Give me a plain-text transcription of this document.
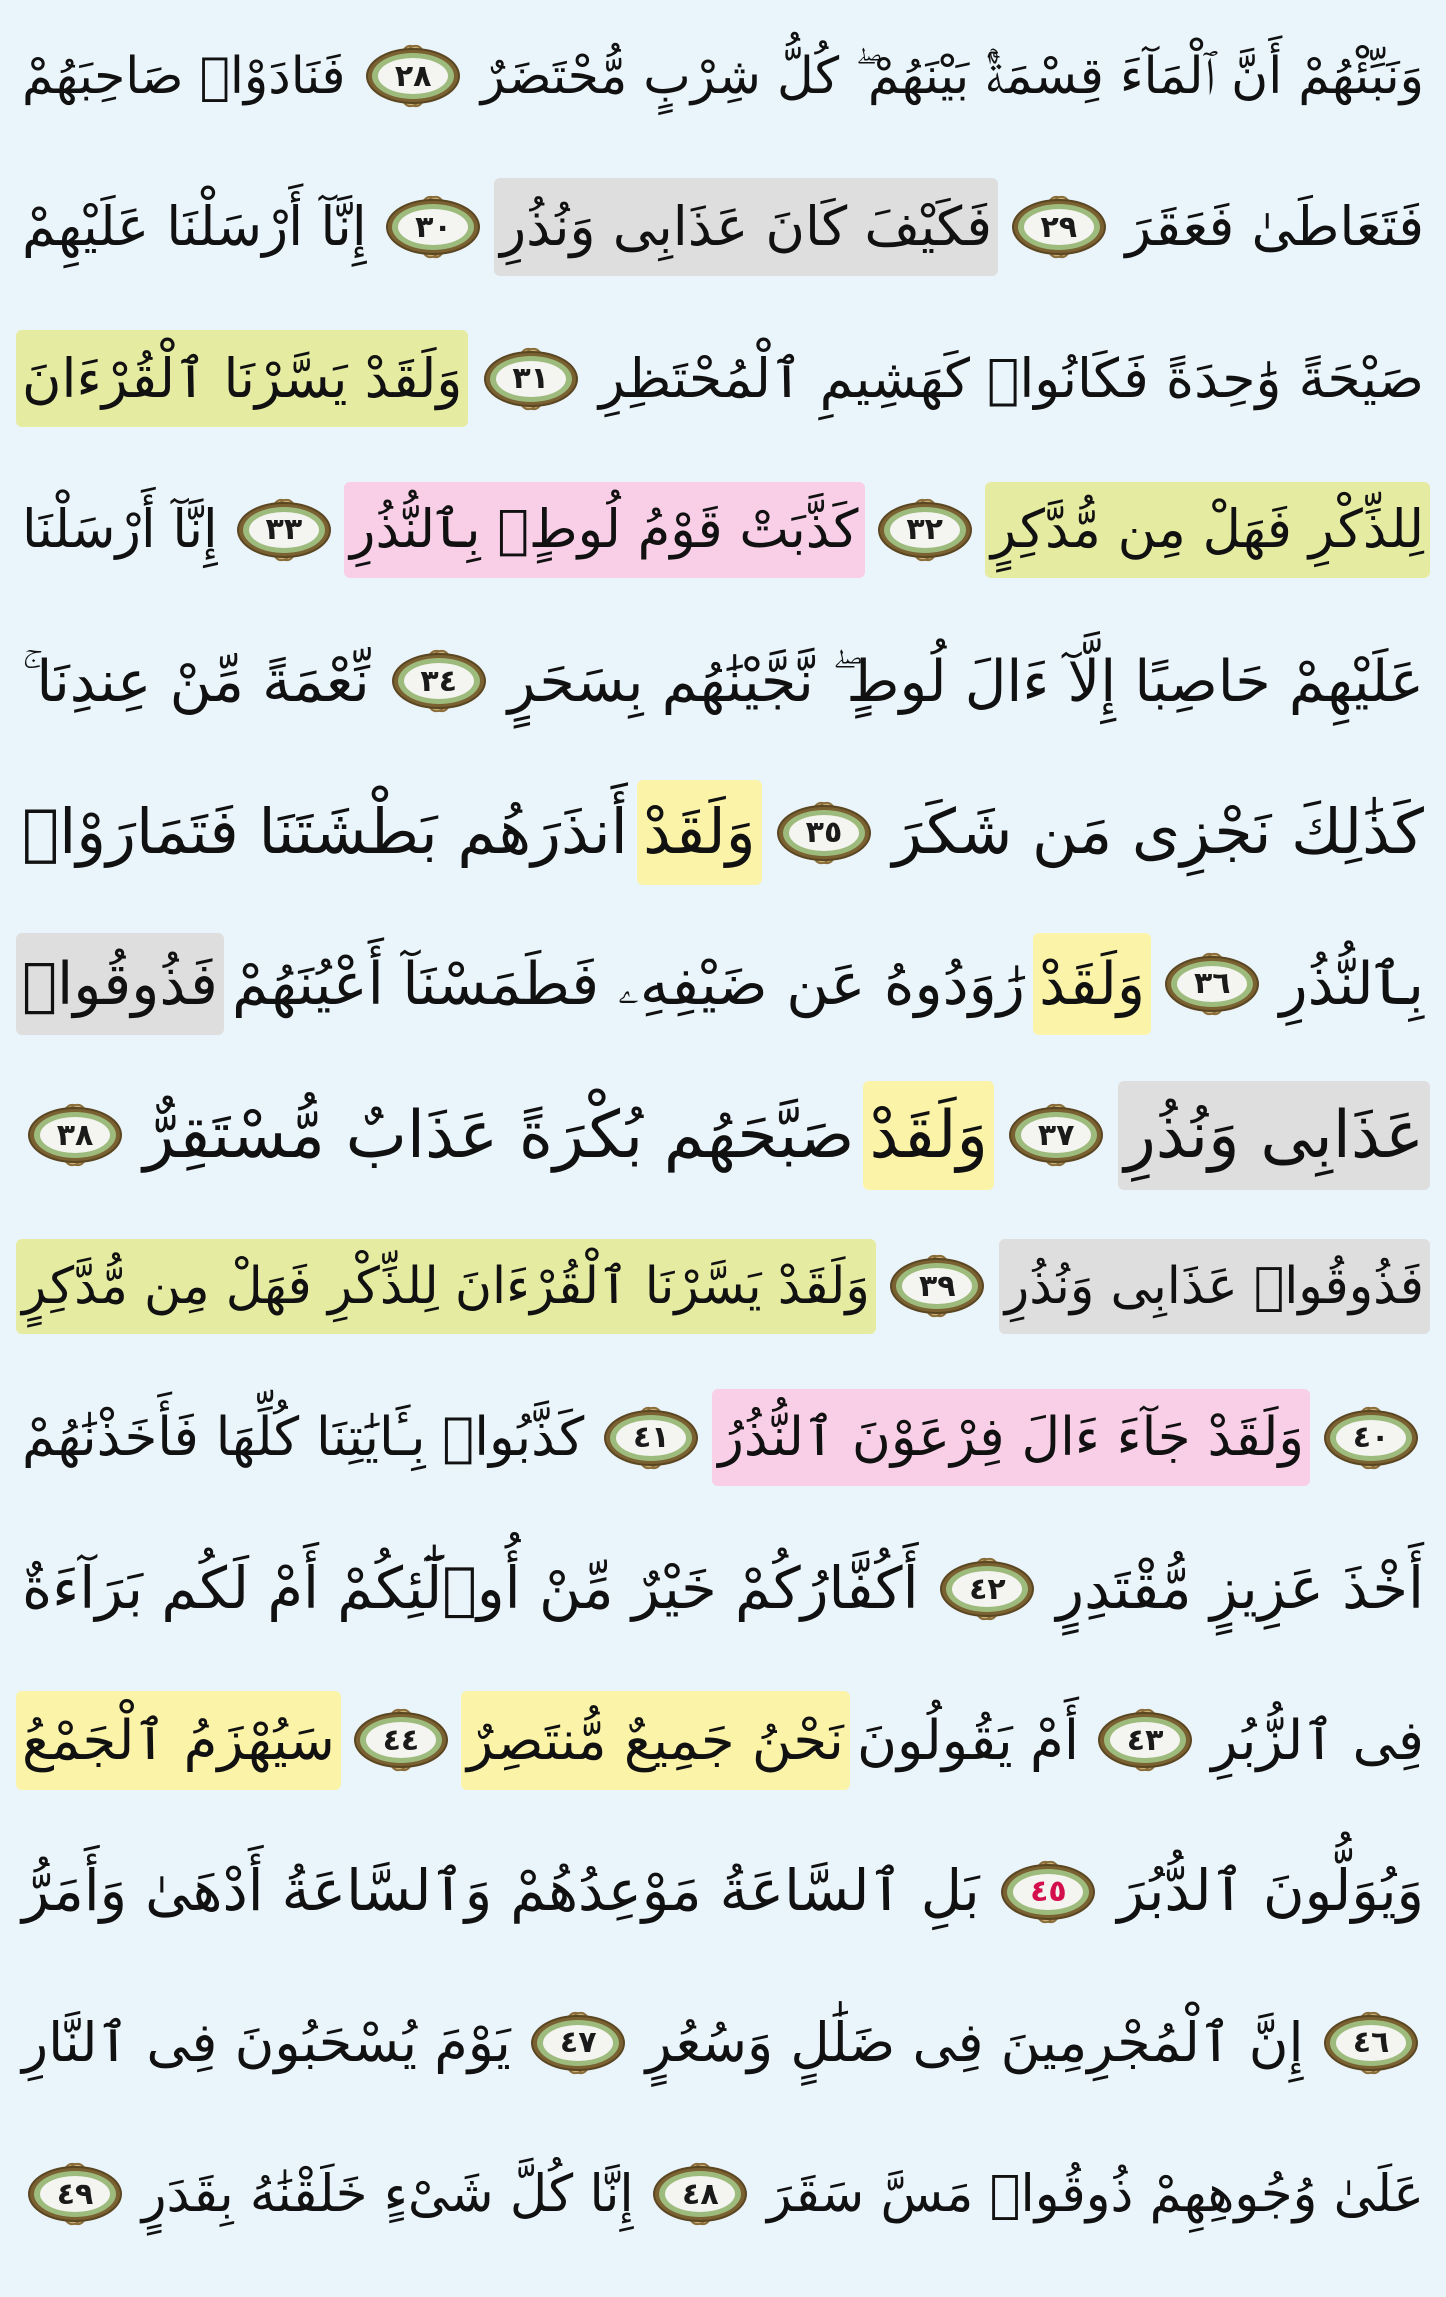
وَنَبِّئْهُمْ أَنَّ ٱلْمَآءَ قِسْمَةٌۢ بَيْنَهُمْ ۖ كُلُّ شِرْبٍ مُّحْتَضَرٌ
٢٨
فَنَادَوْا۟ صَاحِبَهُمْ
فَتَعَاطَىٰ فَعَقَرَ
٢٩
فَكَيْفَ كَانَ عَذَابِى وَنُذُرِ
٣٠
إِنَّآ أَرْسَلْنَا عَلَيْهِمْ
صَيْحَةً وَٰحِدَةً فَكَانُوا۟ كَهَشِيمِ ٱلْمُحْتَظِرِ
٣١
وَلَقَدْ يَسَّرْنَا ٱلْقُرْءَانَ
لِلذِّكْرِ فَهَلْ مِن مُّدَّكِرٍ
٣٢
كَذَّبَتْ قَوْمُ لُوطٍۭ بِٱلنُّذُرِ
٣٣
إِنَّآ أَرْسَلْنَا
عَلَيْهِمْ حَاصِبًا إِلَّآ ءَالَ لُوطٍ ۖ نَّجَّيْنَٰهُم بِسَحَرٍ
٣٤
نِّعْمَةً مِّنْ عِندِنَا ۚ
كَذَٰلِكَ نَجْزِى مَن شَكَرَ
٣٥
وَلَقَدْ
أَنذَرَهُم بَطْشَتَنَا فَتَمَارَوْا۟
بِٱلنُّذُرِ
٣٦
وَلَقَدْ
رَٰوَدُوهُ عَن ضَيْفِهِۦ فَطَمَسْنَآ أَعْيُنَهُمْ
فَذُوقُوا۟
عَذَابِى وَنُذُرِ
٣٧
وَلَقَدْ
صَبَّحَهُم بُكْرَةً عَذَابٌ مُّسْتَقِرٌّ
٣٨
فَذُوقُوا۟ عَذَابِى وَنُذُرِ
٣٩
وَلَقَدْ يَسَّرْنَا ٱلْقُرْءَانَ لِلذِّكْرِ فَهَلْ مِن مُّدَّكِرٍ
٤٠
وَلَقَدْ جَآءَ ءَالَ فِرْعَوْنَ ٱلنُّذُرُ
٤١
كَذَّبُوا۟ بِـَٔايَٰتِنَا كُلِّهَا فَأَخَذْنَٰهُمْ
أَخْذَ عَزِيزٍ مُّقْتَدِرٍ
٤٢
أَكُفَّارُكُمْ خَيْرٌ مِّنْ أُو۟لَٰٓئِكُمْ أَمْ لَكُم بَرَآءَةٌ
فِى ٱلزُّبُرِ
٤٣
أَمْ يَقُولُونَ
نَحْنُ جَمِيعٌ مُّنتَصِرٌ
٤٤
سَيُهْزَمُ ٱلْجَمْعُ
وَيُوَلُّونَ ٱلدُّبُرَ
٤٥
بَلِ ٱلسَّاعَةُ مَوْعِدُهُمْ وَٱلسَّاعَةُ أَدْهَىٰ وَأَمَرُّ
٤٦
إِنَّ ٱلْمُجْرِمِينَ فِى ضَلَٰلٍ وَسُعُرٍ
٤٧
يَوْمَ يُسْحَبُونَ فِى ٱلنَّارِ
عَلَىٰ وُجُوهِهِمْ ذُوقُوا۟ مَسَّ سَقَرَ
٤٨
إِنَّا كُلَّ شَىْءٍ خَلَقْنَٰهُ بِقَدَرٍ
٤٩
